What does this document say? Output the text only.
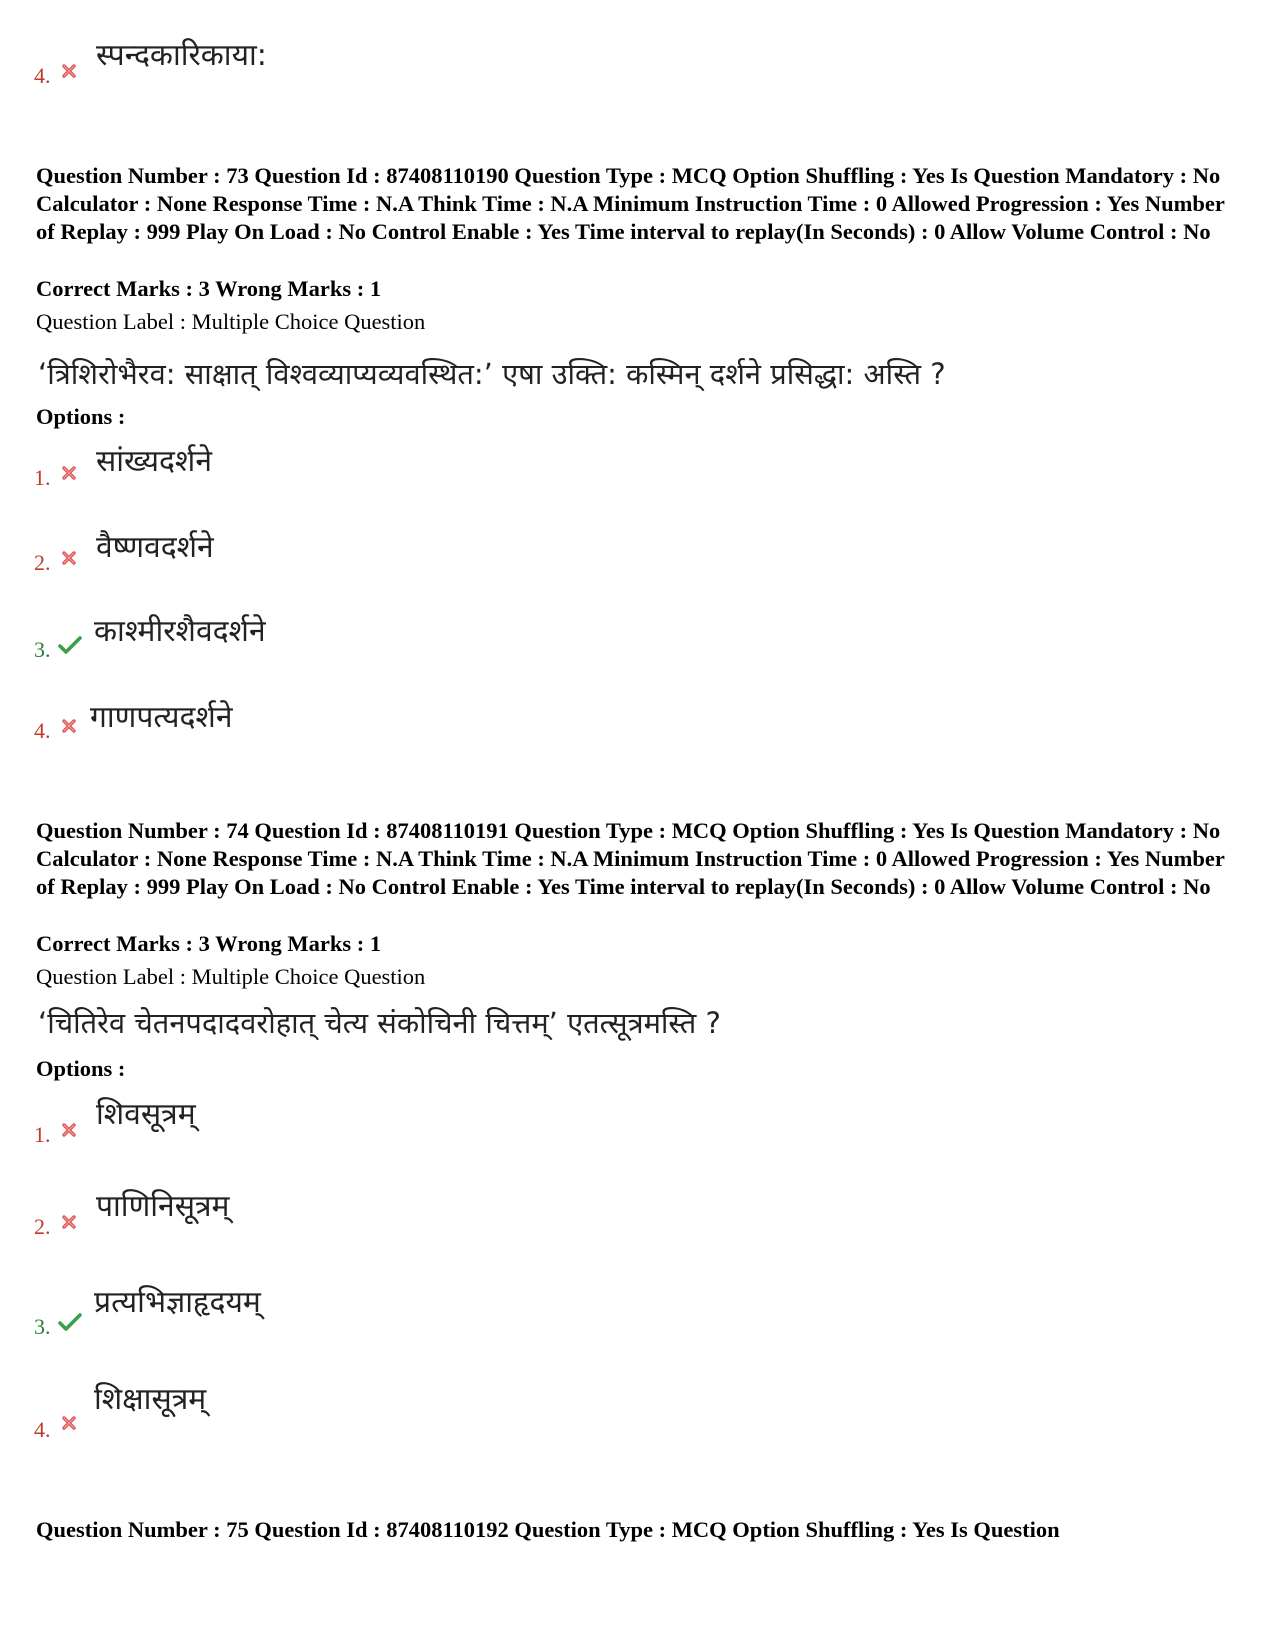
4.
स्पन्दकारिकाया:

Question Number : 73 Question Id : 87408110190 Question Type : MCQ Option Shuffling : Yes Is Question Mandatory : No Calculator : None Response Time : N.A Think Time : N.A Minimum Instruction Time : 0 Allowed Progression : Yes Number of Replay : 999 Play On Load : No Control Enable : Yes Time interval to replay(In Seconds) : 0 Allow Volume Control : No

Correct Marks : 3 Wrong Marks : 1
Question Label : Multiple Choice Question
‘त्रिशिरोभैरव: साक्षात् विश्वव्याप्यव्यवस्थित:’ एषा उक्ति: कस्मिन् दर्शने प्रसिद्धा: अस्ति ?
Options :
1. सांख्यदर्शने
2. वैष्णवदर्शने
3.
काश्मीरशैवदर्शने
4. गाणपत्यदर्शने

Question Number : 74 Question Id : 87408110191 Question Type : MCQ Option Shuffling : Yes Is Question Mandatory : No Calculator : None Response Time : N.A Think Time : N.A Minimum Instruction Time : 0 Allowed Progression : Yes Number of Replay : 999 Play On Load : No Control Enable : Yes Time interval to replay(In Seconds) : 0 Allow Volume Control : No

Correct Marks : 3 Wrong Marks : 1
Question Label : Multiple Choice Question
‘चितिरेव चेतनपदादवरोहात् चेत्य संकोचिनी चित्तम्’ एतत्सूत्रमस्ति ?
Options :
1.
शिवसूत्रम्
2.
पाणिनिसूत्रम्
3.
प्रत्यभिज्ञाहृदयम्
4.
शिक्षासूत्रम्

Question Number : 75 Question Id : 87408110192 Question Type : MCQ Option Shuffling : Yes Is Question
